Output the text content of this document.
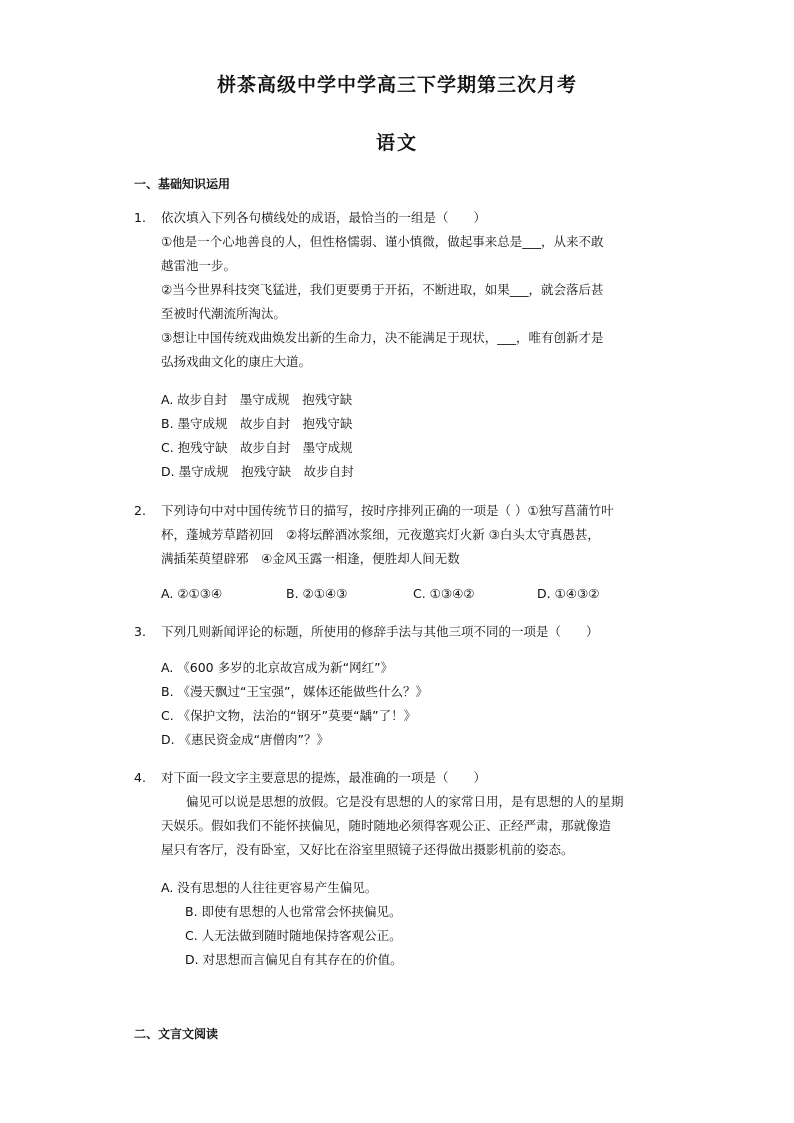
栟茶高级中学中学高三下学期第三次月考
语文
一、基础知识运用
1. 依次填入下列各句横线处的成语，最恰当的一组是（　　）
①他是一个心地善良的人，但性格懦弱、谨小慎微，做起事来总是___，从来不敢
越雷池一步。
②当今世界科技突飞猛进，我们更要勇于开拓，不断进取，如果___，就会落后甚
至被时代潮流所淘汰。
③想让中国传统戏曲焕发出新的生命力，决不能满足于现状，___，唯有创新才是
弘扬戏曲文化的康庄大道。
A. 故步自封　墨守成规　抱残守缺
B. 墨守成规　故步自封　抱残守缺
C. 抱残守缺　故步自封　墨守成规
D. 墨守成规　抱残守缺　故步自封
2. 下列诗句中对中国传统节日的描写，按时序排列正确的一项是（ ）①独写菖蒲竹叶
杯，蓬城芳草踏初回　②将坛醉酒冰浆细，元夜邀宾灯火新 ③白头太守真愚甚，
满插茱萸望辟邪　④金风玉露一相逢，便胜却人间无数
A. ②①③④	B. ②①④③	C. ①③④②	D. ①④③②
3. 下列几则新闻评论的标题，所使用的修辞手法与其他三项不同的一项是（　　）
A. 《600 多岁的北京故宫成为新“网红”》
B. 《漫天飘过“王宝强”，媒体还能做些什么？》
C. 《保护文物，法治的“钢牙”莫要“龋”了！》
D. 《惠民资金成“唐僧肉”？》
4. 对下面一段文字主要意思的提炼，最准确的一项是（　　）
偏见可以说是思想的放假。它是没有思想的人的家常日用，是有思想的人的星期
天娱乐。假如我们不能怀挟偏见，随时随地必须得客观公正、正经严肃，那就像造
屋只有客厅，没有卧室，又好比在浴室里照镜子还得做出摄影机前的姿态。
A. 没有思想的人往往更容易产生偏见。
B. 即使有思想的人也常常会怀挟偏见。
C. 人无法做到随时随地保持客观公正。
D. 对思想而言偏见自有其存在的价值。
二、文言文阅读
